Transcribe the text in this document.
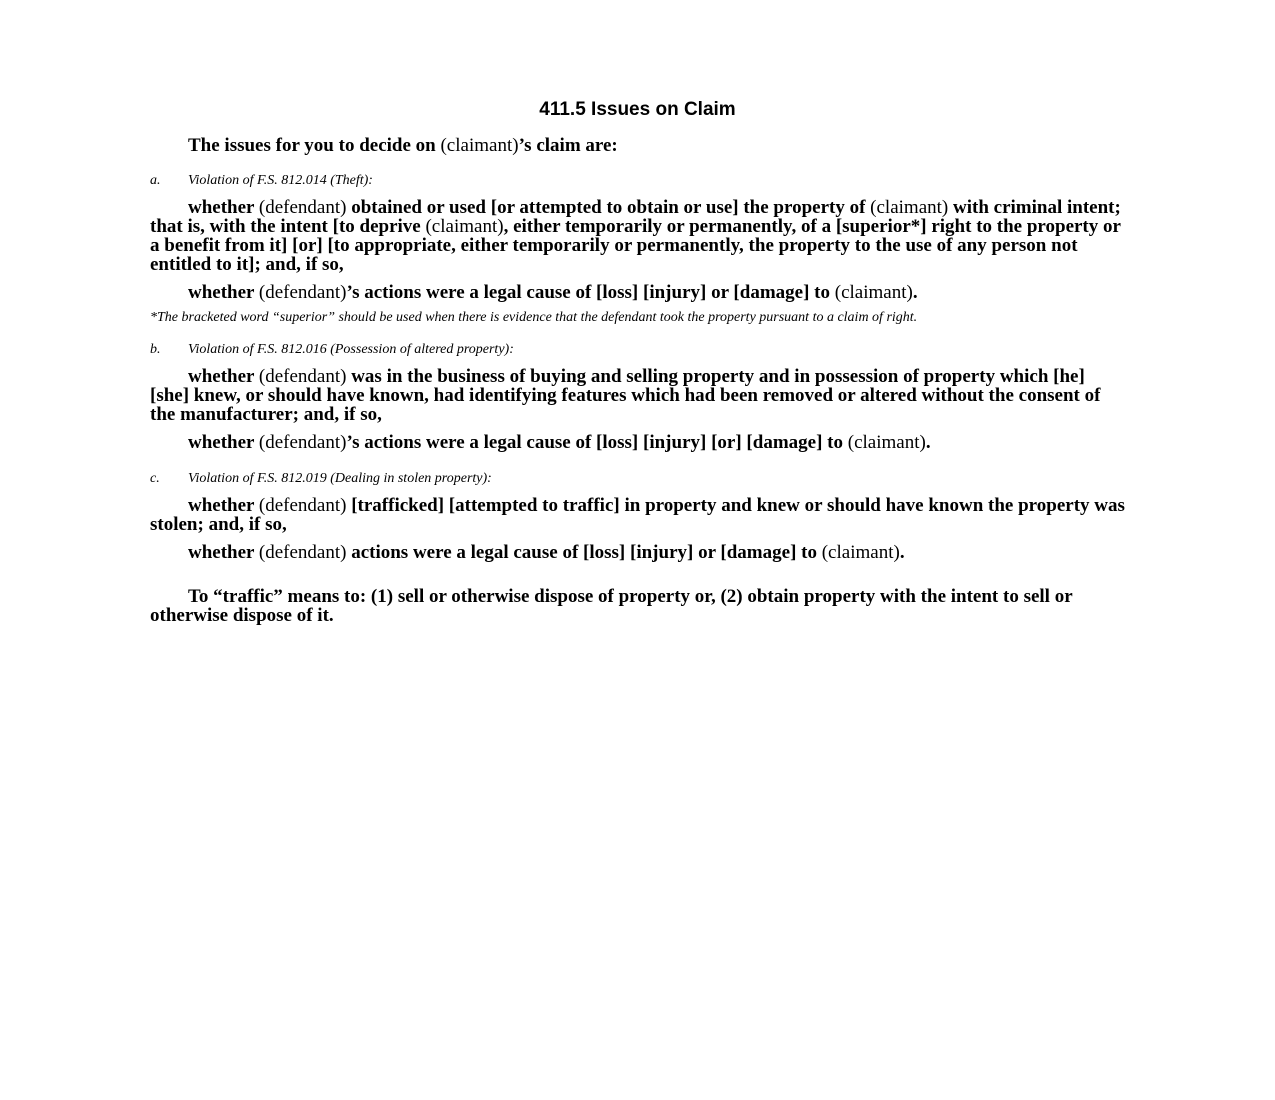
411.5 Issues on Claim
The issues for you to decide on (claimant)’s claim are:
a. Violation of F.S. 812.014 (Theft):
whether (defendant) obtained or used [or attempted to obtain or use] the property of (claimant) with criminal intent; that is, with the intent [to deprive (claimant), either temporarily or permanently, of a [superior*] right to the property or a benefit from it] [or] [to appropriate, either temporarily or permanently, the property to the use of any person not entitled to it]; and, if so,
whether (defendant)’s actions were a legal cause of [loss] [injury] or [damage] to (claimant).
*The bracketed word “superior” should be used when there is evidence that the defendant took the property pursuant to a claim of right.
b. Violation of F.S. 812.016 (Possession of altered property):
whether (defendant) was in the business of buying and selling property and in possession of property which [he] [she] knew, or should have known, had identifying features which had been removed or altered without the consent of the manufacturer; and, if so,
whether (defendant)’s actions were a legal cause of [loss] [injury] [or] [damage] to (claimant).
c. Violation of F.S. 812.019 (Dealing in stolen property):
whether (defendant) [trafficked] [attempted to traffic] in property and knew or should have known the property was stolen; and, if so,
whether (defendant) actions were a legal cause of [loss] [injury] or [damage] to (claimant).
To “traffic” means to: (1) sell or otherwise dispose of property or, (2) obtain property with the intent to sell or otherwise dispose of it.
